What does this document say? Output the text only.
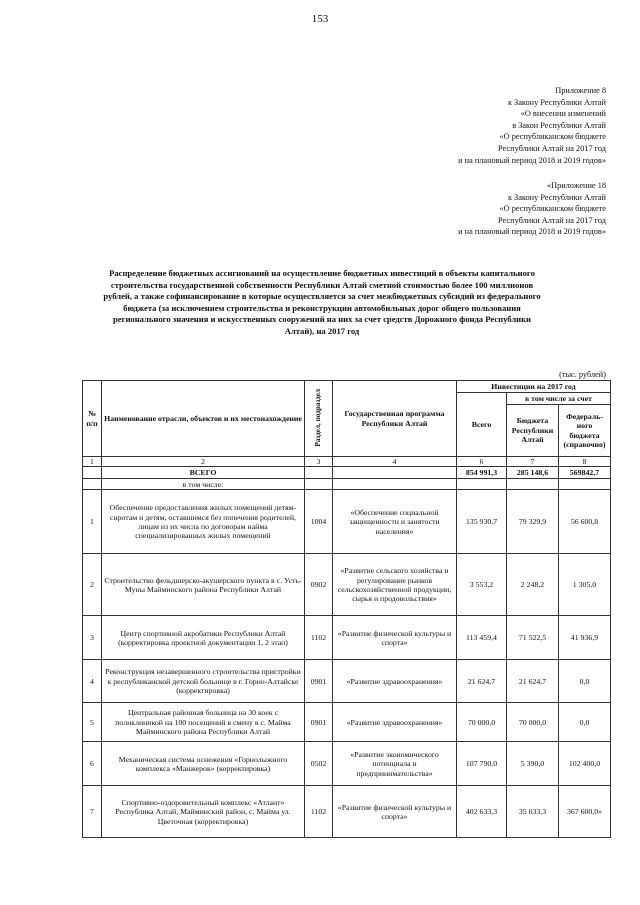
153
Приложение 8
к Закону Республики Алтай
«О внесении изменений
в Закон Республики Алтай
«О республиканском бюджете
Республики Алтай на 2017 год
и на плановый период 2018 и 2019 годов»
«Приложение 18
к Закону Республики Алтай
«О республиканском бюджете
Республики Алтай на 2017 год
и на плановый период 2018 и 2019 годов»
Распределение бюджетных ассигнований на осуществление бюджетных инвестиций в объекты капитального
строительства государственной собственности Республики Алтай сметной стоимостью более 100 миллионов
рублей, а также софинансирование в которые осуществляется за счет межбюджетных субсидий из федерального
бюджета (за исключением строительства и реконструкции автомобильных дорог общего пользования
регионального значения и искусственных сооружений на них за счет средств Дорожного фонда Республики
Алтай), на 2017 год
(тыс. рублей)
№ п/п	Наименование отрасли, объектов и их местонахождение	Раздел, подраздел	Государственная программа Республики Алтай	Инвестиции на 2017 год		
				Всего	в том числе за счет	
					Бюджета Республики Алтай	Федераль-ного бюджета (справочно)
1	2	3	4	6	7	8
	ВСЕГО			854 991,3	285 148,6	569842,7
	в том числе:					
1	Обеспечение предоставления жилых помещений детям-сиротам и детям, оставшимся без попечения родителей, лицам из их числа по договорам найма специализированных жилых помещений	1004	«Обеспечение социальной защищенности и занятости населения»	135 930,7	79 329,9	56 600,8
2	Строительство фельдшерско-акушерского пункта в с. Усть-Муны Майминского района Республики Алтай	0902	«Развитие сельского хозяйства и регулирование рынков сельскохозяйственной продукции, сырья и продовольствия»	3 553,2	2 248,2	1 305,0
3	Центр спортивной акробатики Республики Алтай (корректировка проектной документации 1, 2 этап)	1102	«Развитие физической культуры и спорта»	113 459,4	71 522,5	41 936,9
4	Реконструкция незавершенного строительства пристройки к республиканской детской больнице в г. Горно-Алтайске (корректировка)	0901	«Развитие здравоохранения»	21 624,7	21 624,7	0,0
5	Центральная районная больница на 30 коек с поликлиникой на 100 посещений в смену в с. Майма Майминского района Республики Алтай	0901	«Развитие здравоохранения»	70 000,0	70 000,0	0,0
6	Механическая система оснежения «Горнолыжного комплекса «Манжерок» (корректировка)	0502	«Развитие экономического потенциала и предпринимательства»	107 790,0	5 390,0	102 400,0
7	Спортивно-оздоровительный комплекс «Атлант» Республика Алтай, Майминский район, с. Майма ул. Цветочная (корректировка)	1102	«Развитие физической культуры и спорта»	402 633,3	35 033,3	367 600,0»
